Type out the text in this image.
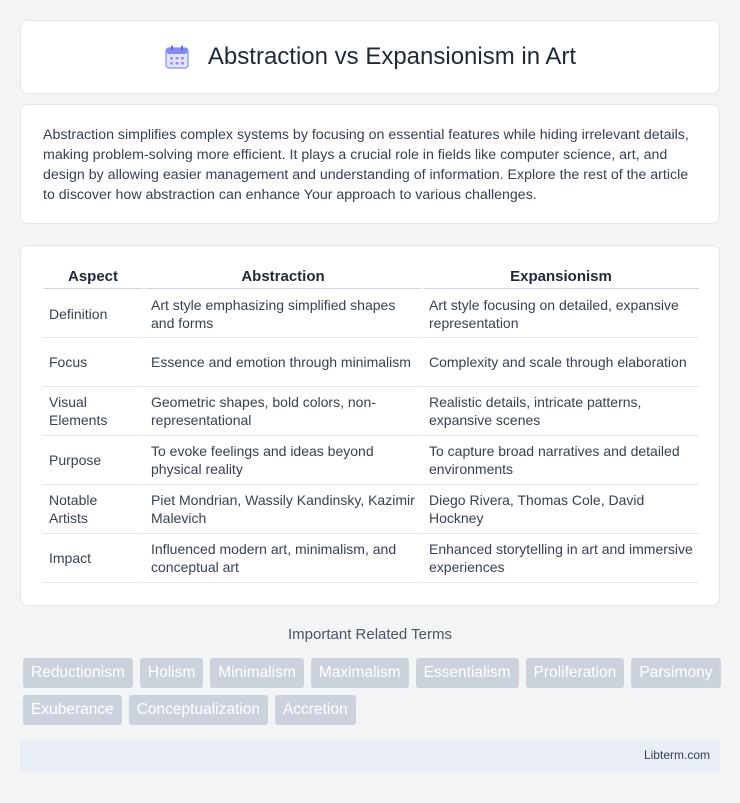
Abstraction vs Expansionism in Art

Abstraction simplifies complex systems by focusing on essential features while hiding irrelevant details, making problem-solving more efficient. It plays a crucial role in fields like computer science, art, and design by allowing easier management and understanding of information. Explore the rest of the article to discover how abstraction can enhance Your approach to various challenges.

Aspect	Abstraction	Expansionism

Definition	Art style emphasizing simplified shapes and forms	Art style focusing on detailed, expansive representation
Focus	Essence and emotion through minimalism	Complexity and scale through elaboration
Visual Elements	Geometric shapes, bold colors, non-representational	Realistic details, intricate patterns, expansive scenes
Purpose	To evoke feelings and ideas beyond physical reality	To capture broad narratives and detailed environments
Notable Artists	Piet Mondrian, Wassily Kandinsky, Kazimir Malevich	Diego Rivera, Thomas Cole, David Hockney
Impact	Influenced modern art, minimalism, and conceptual art	Enhanced storytelling in art and immersive experiences
Important Related Terms
Reductionism	Holism	Minimalism	Maximalism	Essentialism	Proliferation	Parsimony
Exuberance	Conceptualization	Accretion
Libterm.com
